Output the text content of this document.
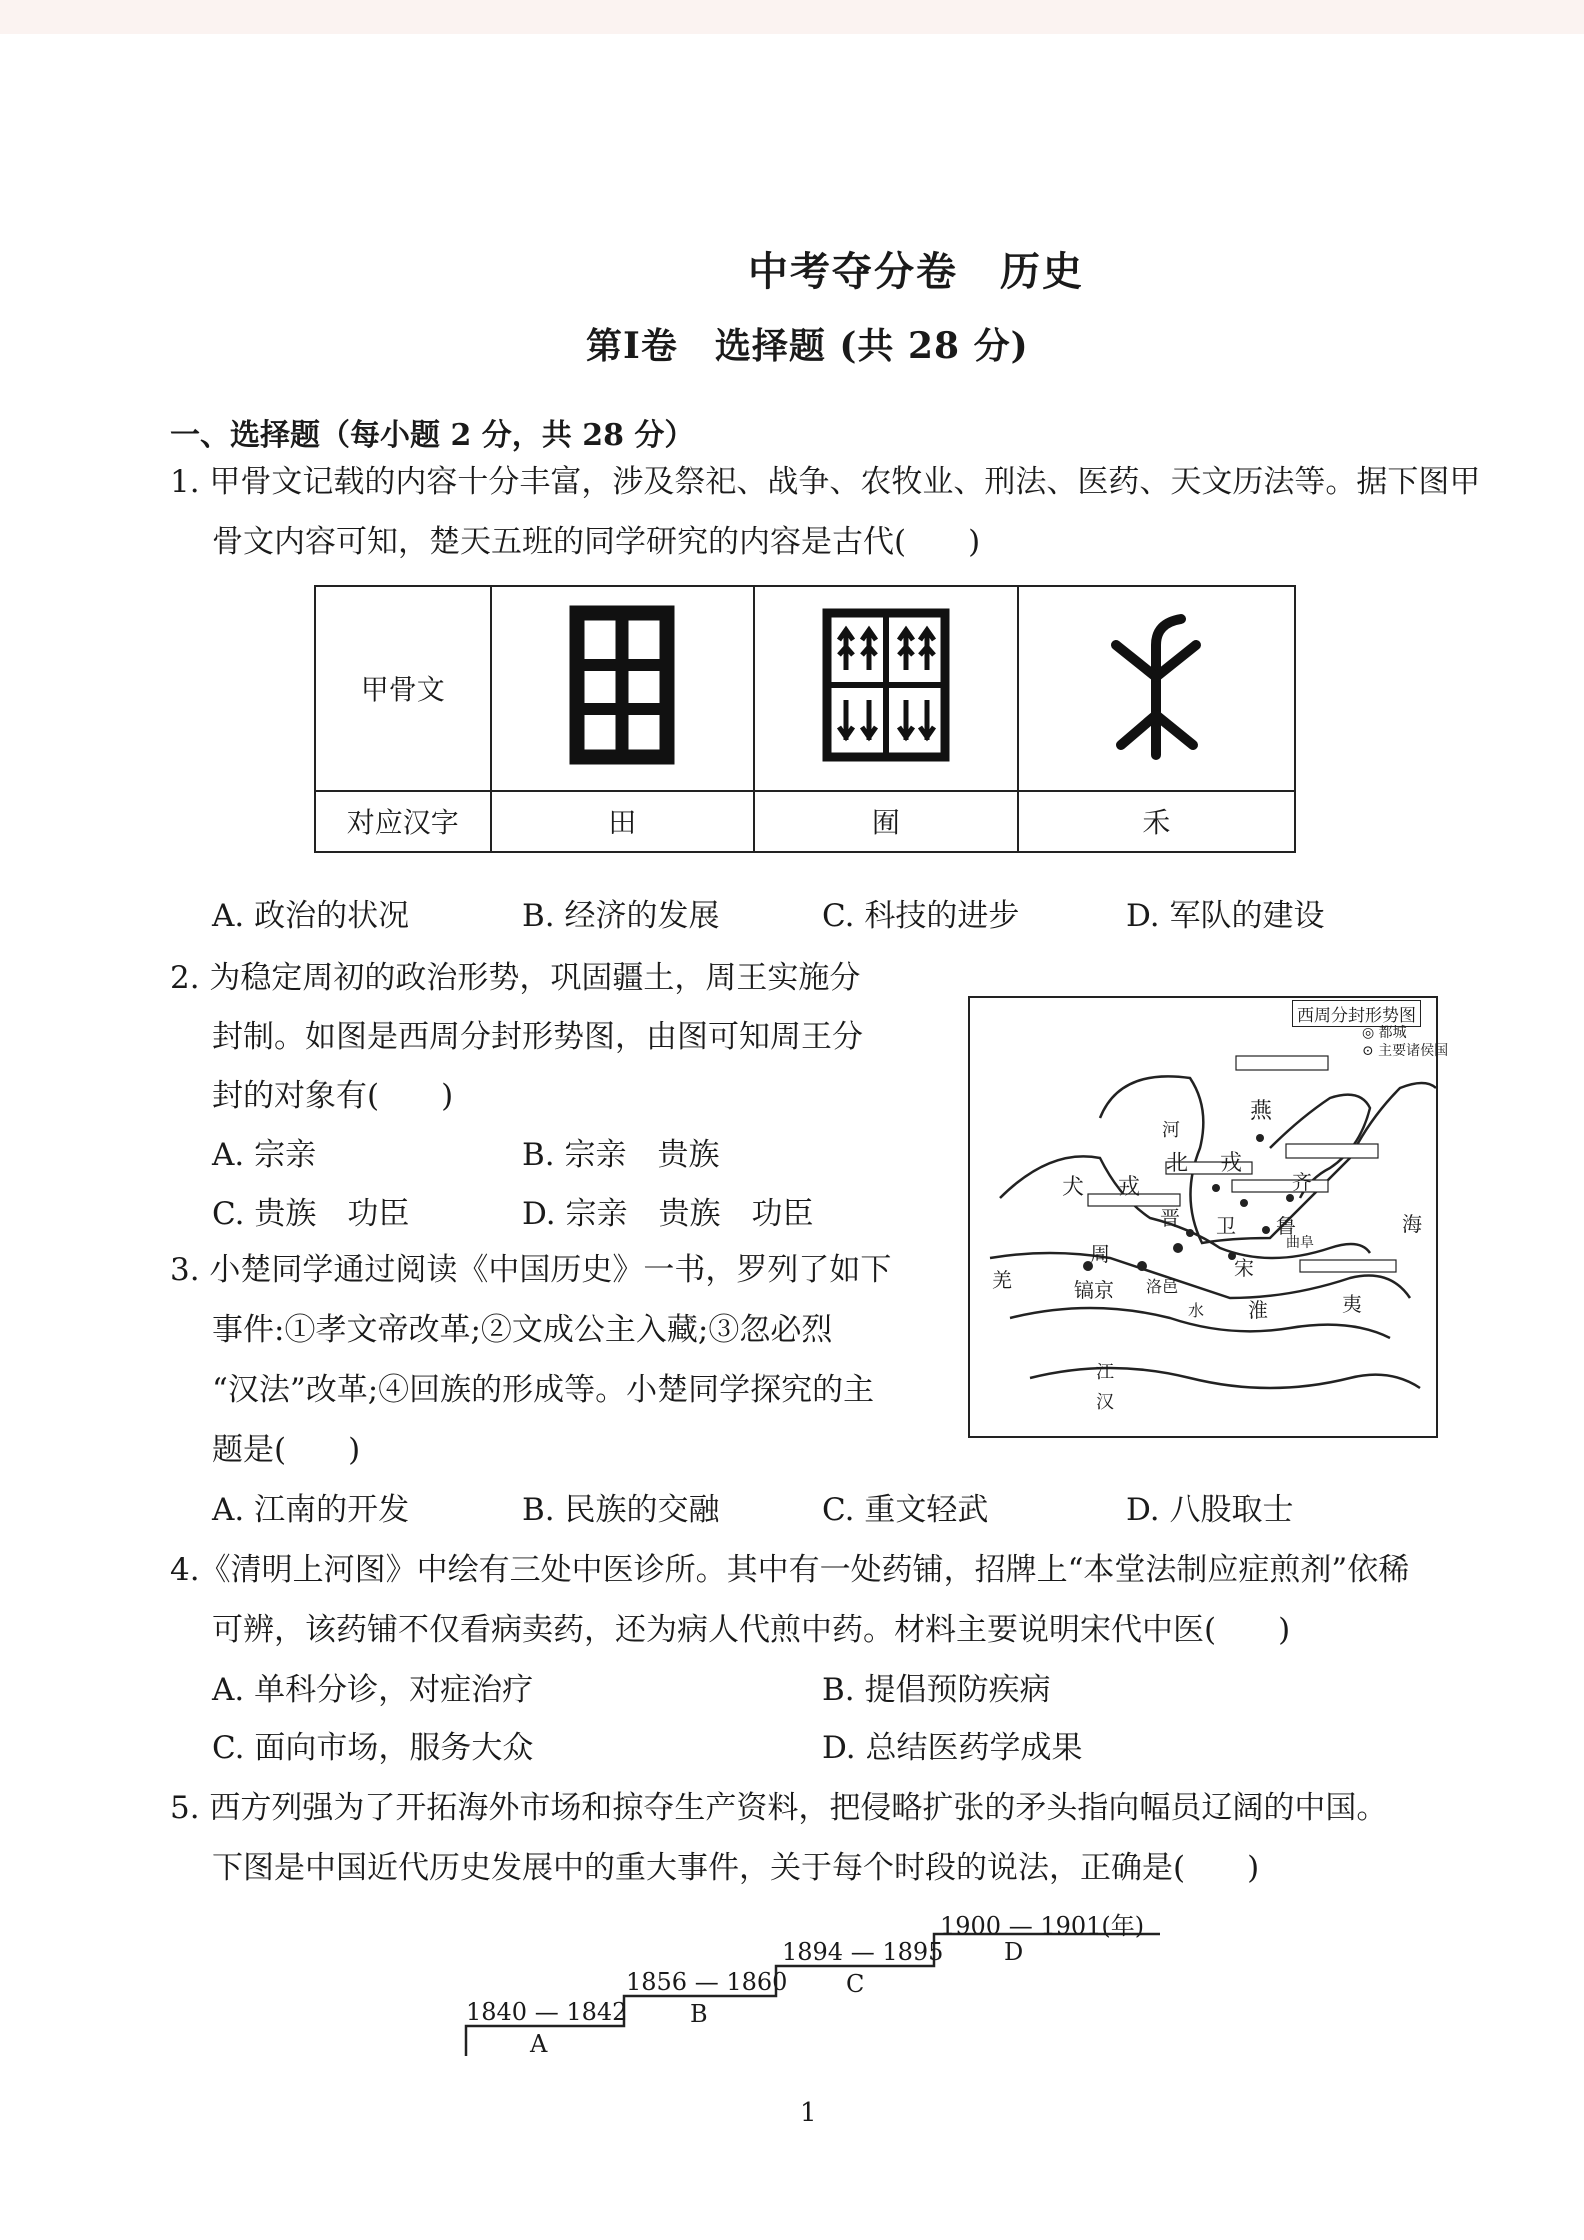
中考夺分卷　历史
第Ⅰ卷　选择题 (共 28 分)
一、选择题（每小题 2 分，共 28 分）
1. 甲骨文记载的内容十分丰富，涉及祭祀、战争、农牧业、刑法、医药、天文历法等。据下图甲
骨文内容可知，楚天五班的同学研究的内容是古代(　　)
甲骨文			
对应汉字	田	囿	禾
A. 政治的状况	B. 经济的发展	C. 科技的进步	D. 军队的建设
2. 为稳定周初的政治形势，巩固疆土，周王实施分
封制。如图是西周分封形势图，由图可知周王分
封的对象有(　　)
A. 宗亲	B. 宗亲　贵族
C. 贵族　功臣	D. 宗亲　贵族　功臣
西周分封形势图
◎ 都城
⊙ 主要诸侯国
燕
北 戎
犬 戎
河
齐
鲁
曲阜
晋 卫
宋
镐京 洛邑
周
淮	夷
江
汉
海
水
羌
3. 小楚同学通过阅读《中国历史》一书，罗列了如下
事件:①孝文帝改革;②文成公主入藏;③忽必烈
“汉法”改革;④回族的形成等。小楚同学探究的主
题是(　　)
A. 江南的开发	B. 民族的交融	C. 重文轻武	D. 八股取士
4.《清明上河图》中绘有三处中医诊所。其中有一处药铺，招牌上“本堂法制应症煎剂”依稀
可辨，该药铺不仅看病卖药，还为病人代煎中药。材料主要说明宋代中医(　　)
A. 单科分诊，对症治疗	B. 提倡预防疾病
C. 面向市场，服务大众	D. 总结医药学成果
5. 西方列强为了开拓海外市场和掠夺生产资料，把侵略扩张的矛头指向幅员辽阔的中国。
下图是中国近代历史发展中的重大事件，关于每个时段的说法，正确是(　　)
1840 — 1842
A
1856 — 1860
B
1894 — 1895
C
1900 — 1901(年)
D
1
